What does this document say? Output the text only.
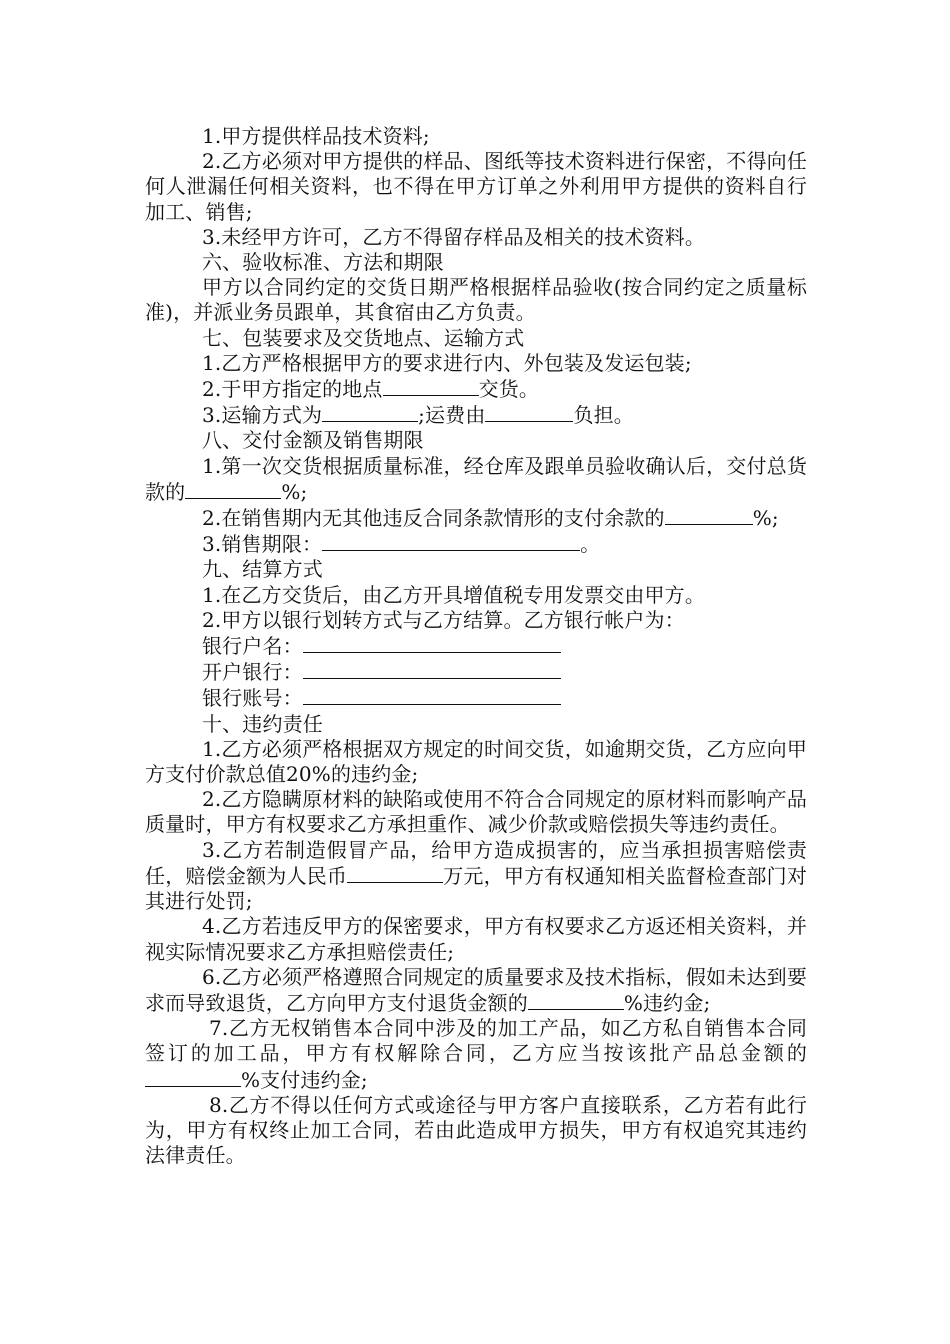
1.甲方提供样品技术资料;

2.乙方必须对甲方提供的样品、图纸等技术资料进行保密，不得向任何人泄漏任何相关资料，也不得在甲方订单之外利用甲方提供的资料自行加工、销售;

3.未经甲方许可，乙方不得留存样品及相关的技术资料。

六、验收标准、方法和期限

甲方以合同约定的交货日期严格根据样品验收(按合同约定之质量标准)，并派业务员跟单，其食宿由乙方负责。

七、包装要求及交货地点、运输方式

1.乙方严格根据甲方的要求进行内、外包装及发运包装;

2.于甲方指定的地点	交货。

3.运输方式为	;运费由	负担。

八、交付金额及销售期限

1.第一次交货根据质量标准，经仓库及跟单员验收确认后，交付总货款的	%;

2.在销售期内无其他违反合同条款情形的支付余款的	%;

3.销售期限：	。

九、结算方式

1.在乙方交货后，由乙方开具增值税专用发票交由甲方。

2.甲方以银行划转方式与乙方结算。乙方银行帐户为：

银行户名：

开户银行：

银行账号：

十、违约责任

1.乙方必须严格根据双方规定的时间交货，如逾期交货，乙方应向甲方支付价款总值20%的违约金;

2.乙方隐瞒原材料的缺陷或使用不符合合同规定的原材料而影响产品质量时，甲方有权要求乙方承担重作、减少价款或赔偿损失等违约责任。

3.乙方若制造假冒产品，给甲方造成损害的，应当承担损害赔偿责任，赔偿金额为人民币	万元，甲方有权通知相关监督检查部门对其进行处罚;

4.乙方若违反甲方的保密要求，甲方有权要求乙方返还相关资料，并视实际情况要求乙方承担赔偿责任;

6.乙方必须严格遵照合同规定的质量要求及技术指标，假如未达到要求而导致退货，乙方向甲方支付退货金额的	%违约金;

7.乙方无权销售本合同中涉及的加工产品，如乙方私自销售本合同签订的加工品，甲方有权解除合同，乙方应当按该批产品总金额的%支付违约金;

8.乙方不得以任何方式或途径与甲方客户直接联系，乙方若有此行为，甲方有权终止加工合同，若由此造成甲方损失，甲方有权追究其违约法律责任。
